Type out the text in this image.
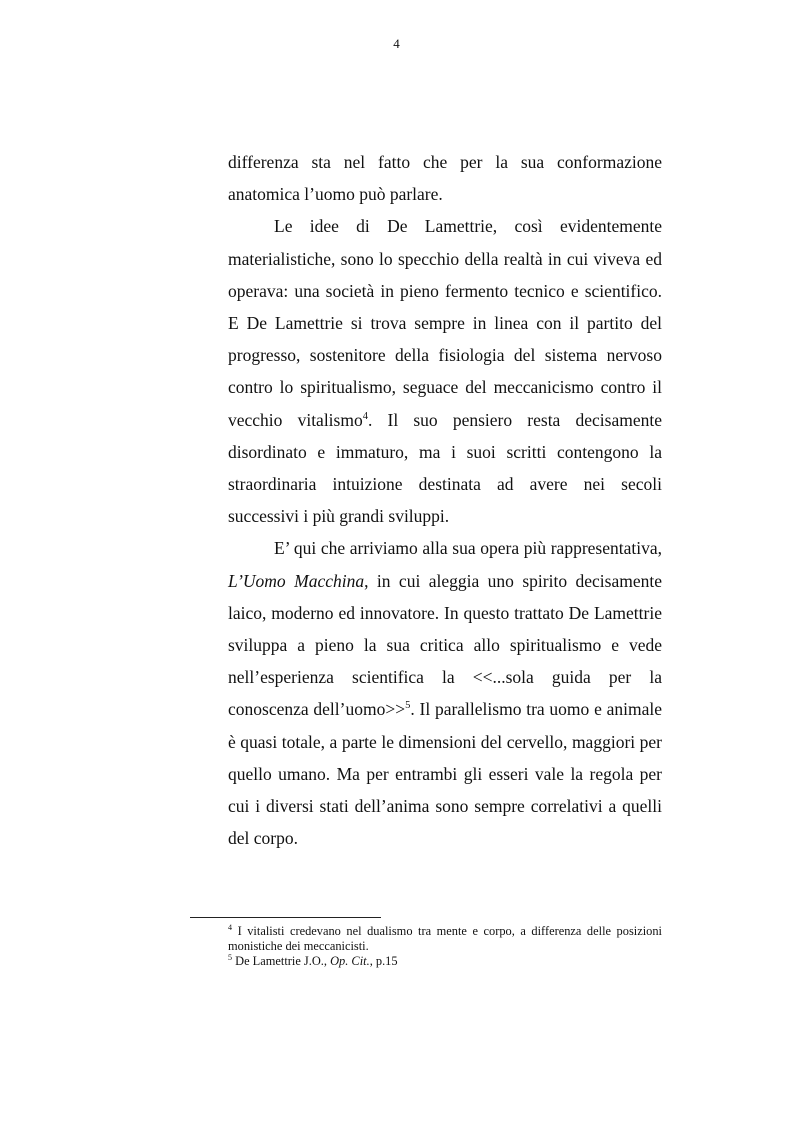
4

differenza sta nel fatto che per la sua conformazione anatomica l’uomo può parlare.

Le idee di De Lamettrie, così evidentemente materialistiche, sono lo specchio della realtà in cui viveva ed operava: una società in pieno fermento tecnico e scientifico. E De Lamettrie si trova sempre in linea con il partito del progresso, sostenitore della fisiologia del sistema nervoso contro lo spiritualismo, seguace del meccanicismo contro il vecchio vitalismo$^4$. Il suo pensiero resta decisamente disordinato e immaturo, ma i suoi scritti contengono la straordinaria intuizione destinata ad avere nei secoli successivi i più grandi sviluppi.

E’ qui che arriviamo alla sua opera più rappresentativa, L’Uomo Macchina, in cui aleggia uno spirito decisamente laico, moderno ed innovatore. In questo trattato De Lamettrie sviluppa a pieno la sua critica allo spiritualismo e vede nell’esperienza scientifica la <<...sola guida per la conoscenza dell’uomo>>$^5$. Il parallelismo tra uomo e animale è quasi totale, a parte le dimensioni del cervello, maggiori per quello umano. Ma per entrambi gli esseri vale la regola per cui i diversi stati dell’anima sono sempre correlativi a quelli del corpo.

$^4$ I vitalisti credevano nel dualismo tra mente e corpo, a differenza delle posizioni monistiche dei meccanicisti.

$^5$ De Lamettrie J.O., Op. Cit., p.15
